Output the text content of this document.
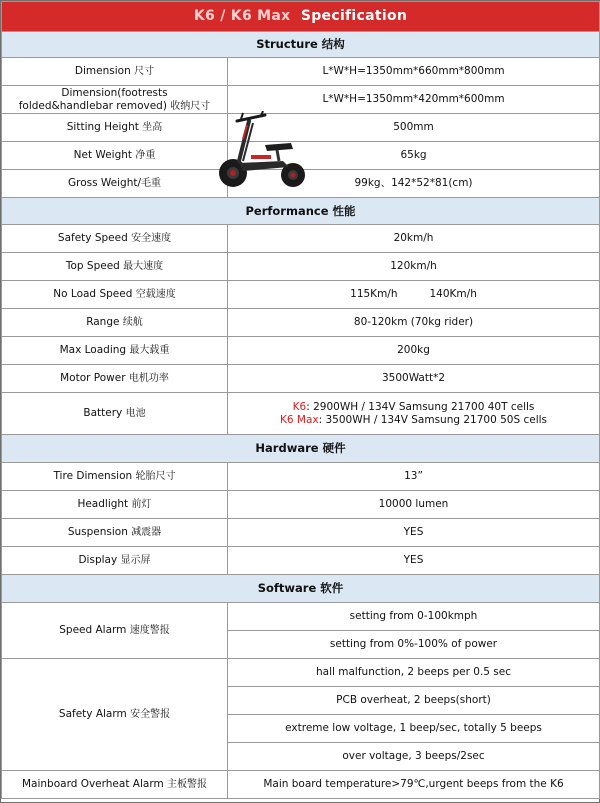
K6 / K6 Max Specification	
Structure 结构	
Dimension 尺寸	L*W*H=1350mm*660mm*800mm
Dimension(footrests
folded&handlebar removed) 收纳尺寸	L*W*H=1350mm*420mm*600mm
Sitting Height 坐高	500mm
Net Weight 净重	65kg
Gross Weight/毛重	99kg、142*52*81(cm)
Performance 性能	
Safety Speed 安全速度	20km/h
Top Speed 最大速度	120km/h
No Load Speed 空载速度	115Km/h 140Km/h
Range 续航	80-120km (70kg rider)
Max Loading 最大载重	200kg
Motor Power 电机功率	3500Watt*2
Battery 电池	K6: 2900WH / 134V Samsung 21700 40T cells
K6 Max: 3500WH / 134V Samsung 21700 50S cells
Hardware 硬件	
Tire Dimension 轮胎尺寸	13”
Headlight 前灯	10000 lumen
Suspension 减震器	YES
Display 显示屏	YES
Software 软件	
Speed Alarm 速度警报	setting from 0-100kmph
	setting from 0%-100% of power
Safety Alarm 安全警报	hall malfunction, 2 beeps per 0.5 sec
	PCB overheat, 2 beeps(short)
	extreme low voltage, 1 beep/sec, totally 5 beeps
	over voltage, 3 beeps/2sec
Mainboard Overheat Alarm 主板警报	Main board temperature>79℃,urgent beeps from the K6
